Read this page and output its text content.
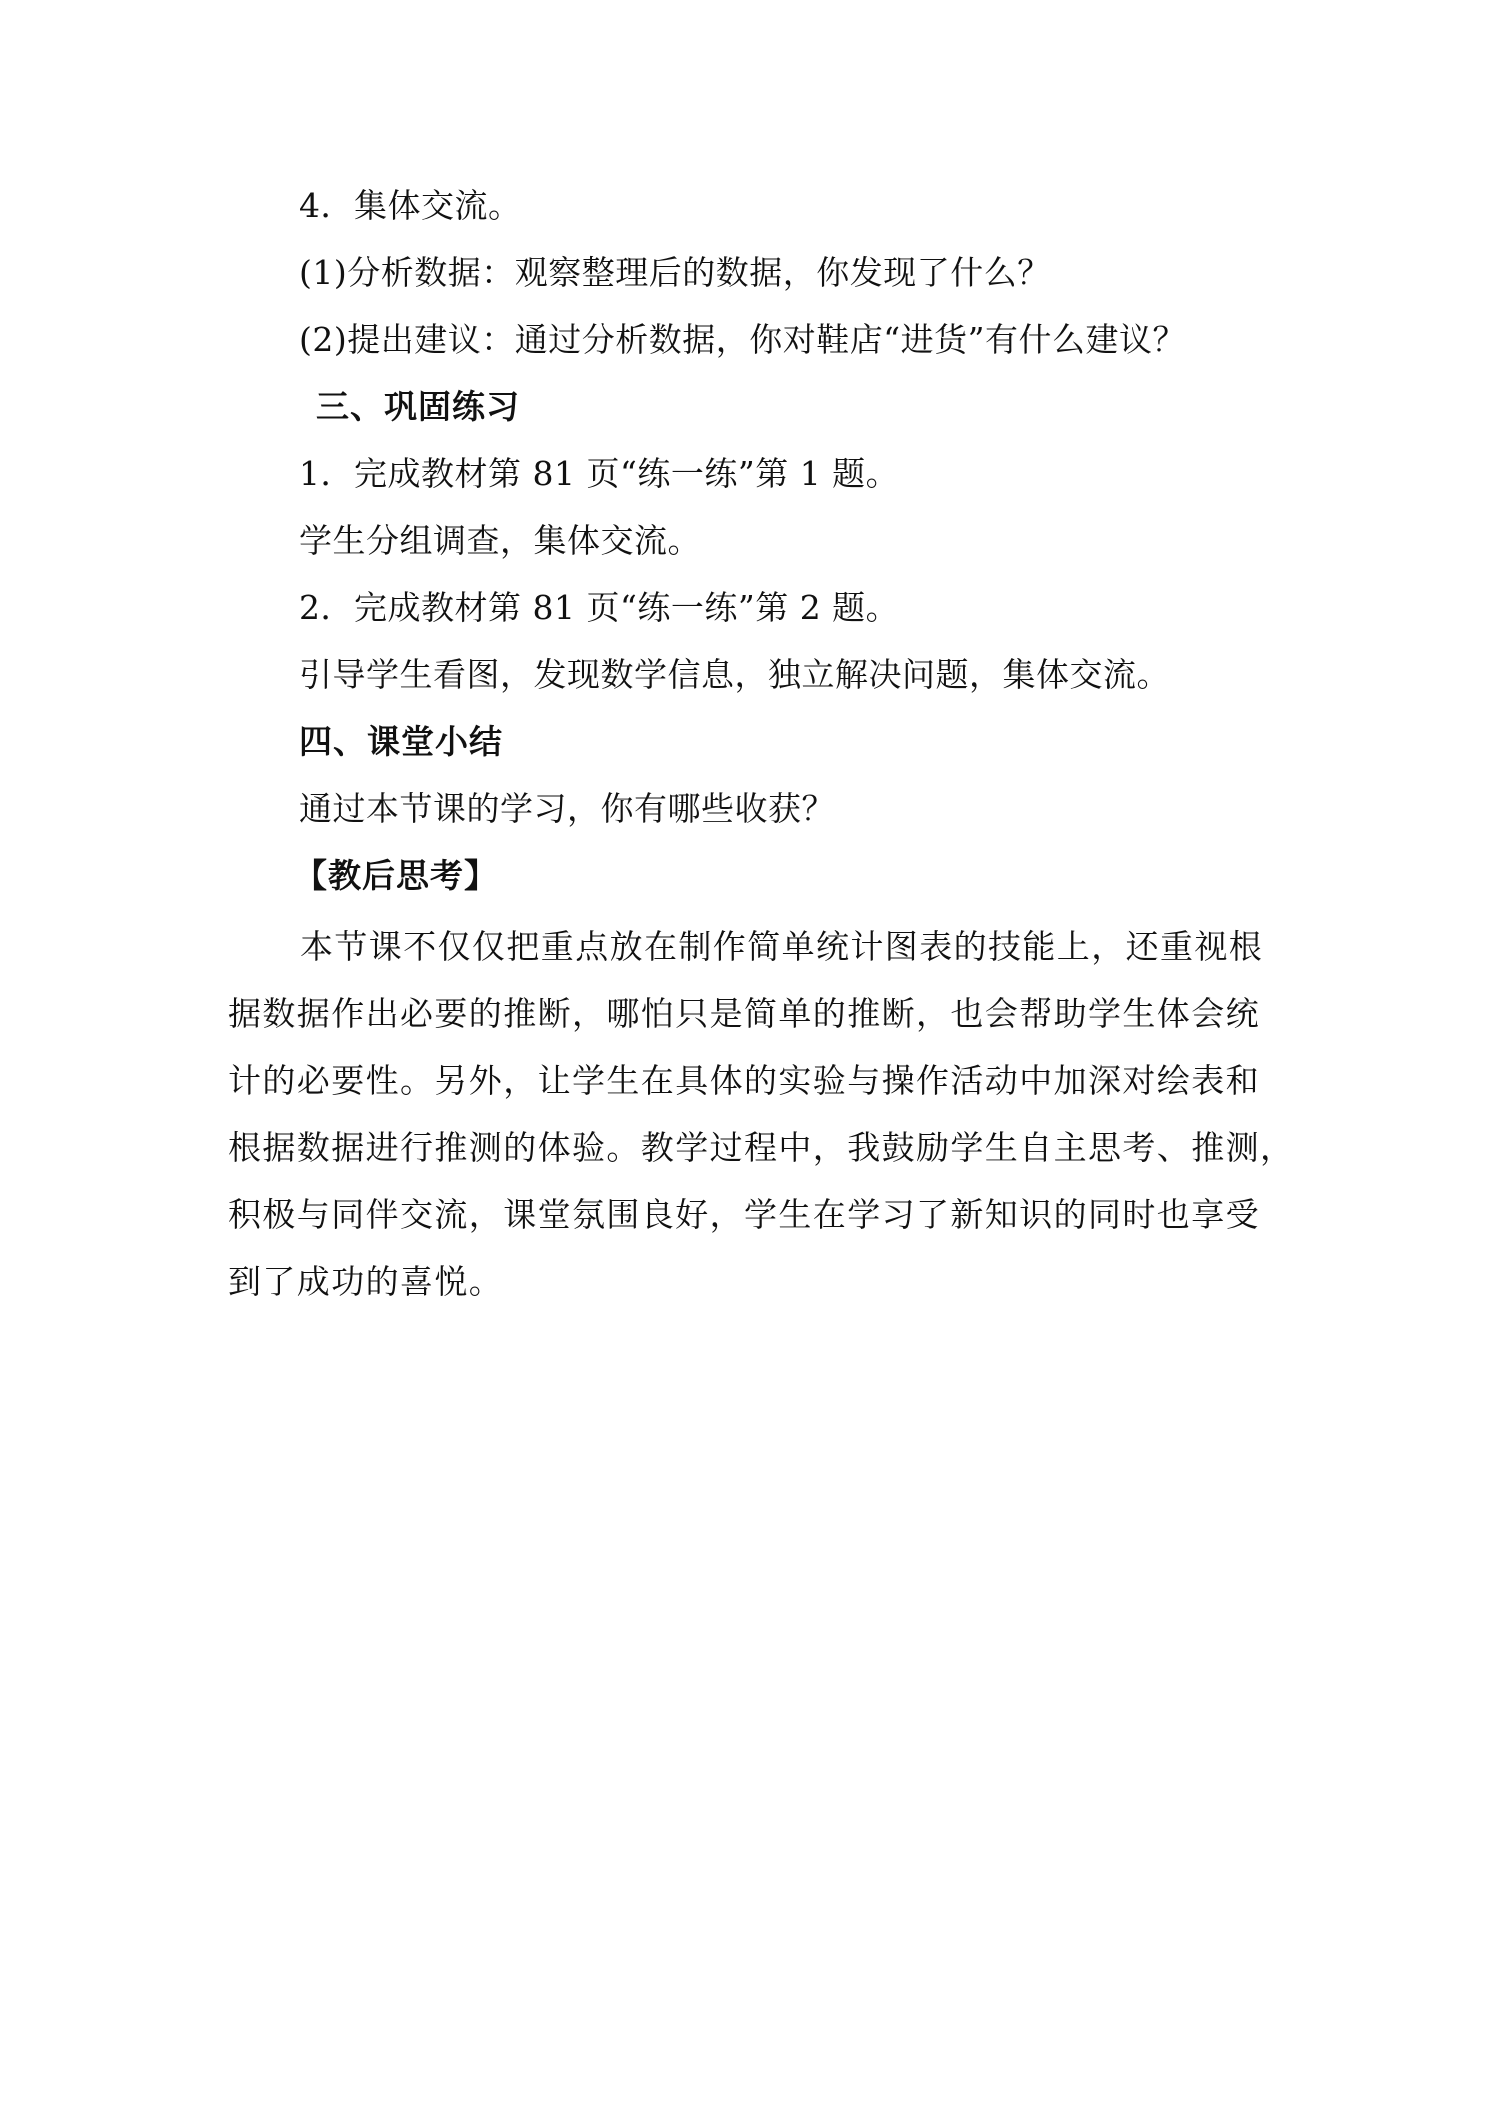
4．集体交流。
(1)分析数据：观察整理后的数据，你发现了什么？
(2)提出建议：通过分析数据，你对鞋店“进货”有什么建议？
三、巩固练习
1．完成教材第 81 页“练一练”第 1 题。
学生分组调查，集体交流。
2．完成教材第 81 页“练一练”第 2 题。
引导学生看图，发现数学信息，独立解决问题，集体交流。
四、课堂小结
通过本节课的学习，你有哪些收获？
【教后思考】
本节课不仅仅把重点放在制作简单统计图表的技能上，还重视根
据数据作出必要的推断，哪怕只是简单的推断，也会帮助学生体会统
计的必要性。另外，让学生在具体的实验与操作活动中加深对绘表和
根据数据进行推测的体验。教学过程中，我鼓励学生自主思考、推测，
积极与同伴交流，课堂氛围良好，学生在学习了新知识的同时也享受
到了成功的喜悦。
